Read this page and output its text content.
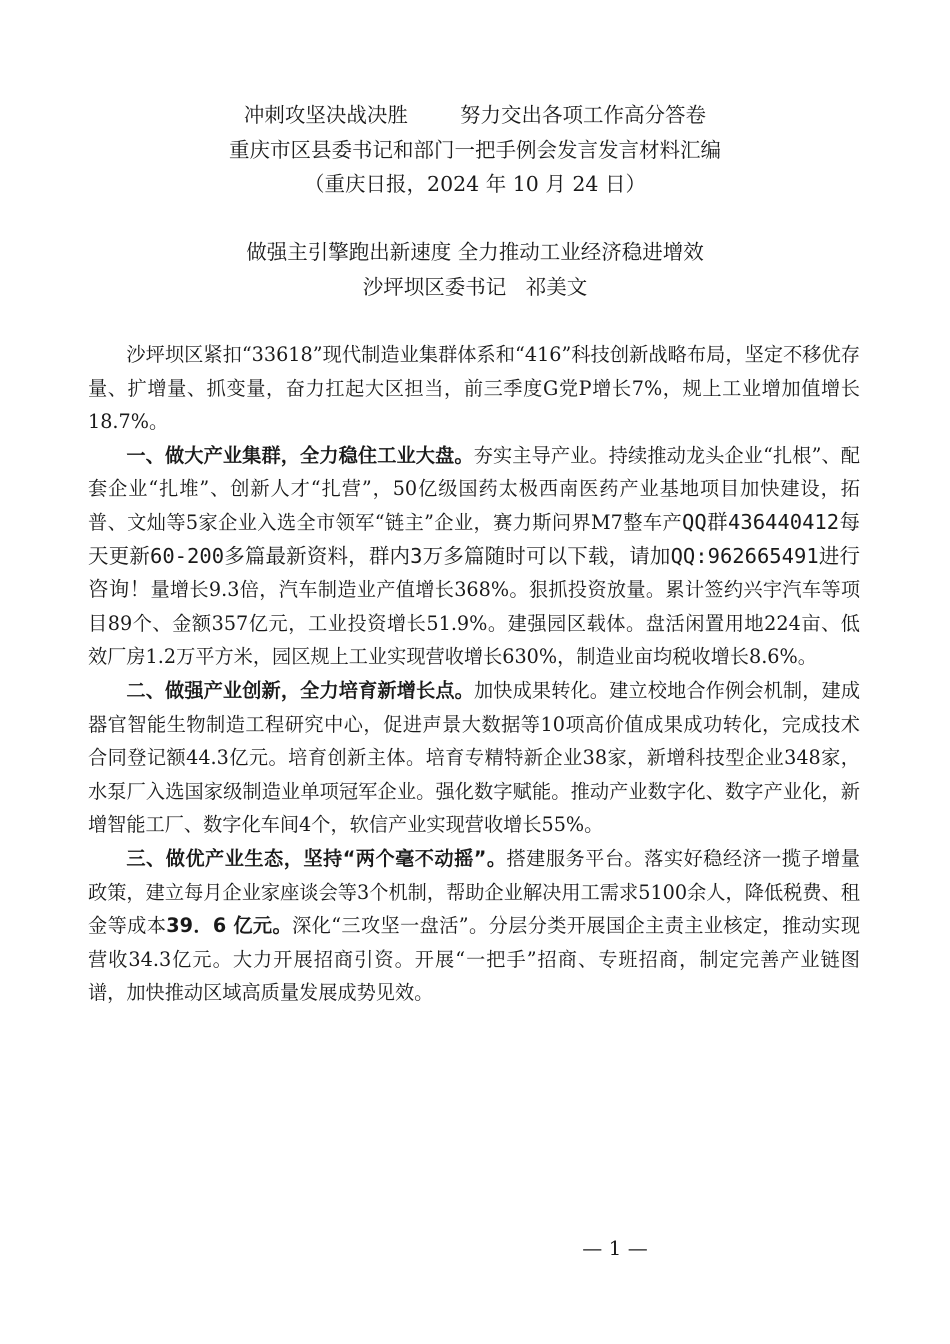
冲刺攻坚决战决胜        努力交出各项工作高分答卷
重庆市区县委书记和部门一把手例会发言发言材料汇编
（重庆日报，2024 年 10 月 24 日）
做强主引擎跑出新速度 全力推动工业经济稳进增效
沙坪坝区委书记   祁美文

沙坪坝区紧扣“33618”现代制造业集群体系和“416”科技创新战略布局，坚定不移优存量、扩增量、抓变量，奋力扛起大区担当，前三季度G党P增长7%，规上工业增加值增长18.7%。

一、做大产业集群，全力稳住工业大盘。夯实主导产业。持续推动龙头企业“扎根”、配套企业“扎堆”、创新人才“扎营”，50亿级国药太极西南医药产业基地项目加快建设，拓普、文灿等5家企业入选全市领军“链主”企业，赛力斯问界M7整车产QQ群436440412每天更新60-200多篇最新资料，群内3万多篇随时可以下载，请加QQ:962665491进行咨询！量增长9.3倍，汽车制造业产值增长368%。狠抓投资放量。累计签约兴宇汽车等项目89个、金额357亿元，工业投资增长51.9%。建强园区载体。盘活闲置用地224亩、低效厂房1.2万平方米，园区规上工业实现营收增长630%，制造业亩均税收增长8.6%。

二、做强产业创新，全力培育新增长点。加快成果转化。建立校地合作例会机制，建成器官智能生物制造工程研究中心，促进声景大数据等10项高价值成果成功转化，完成技术合同登记额44.3亿元。培育创新主体。培育专精特新企业38家，新增科技型企业348家，水泵厂入选国家级制造业单项冠军企业。强化数字赋能。推动产业数字化、数字产业化，新增智能工厂、数字化车间4个，软信产业实现营收增长55%。

三、做优产业生态，坚持“两个毫不动摇”。搭建服务平台。落实好稳经济一揽子增量政策，建立每月企业家座谈会等3个机制，帮助企业解决用工需求5100余人，降低税费、租金等成本39．6 亿元。深化“三攻坚一盘活”。分层分类开展国企主责主业核定，推动实现营收34.3亿元。大力开展招商引资。开展“一把手”招商、专班招商，制定完善产业链图谱，加快推动区域高质量发展成势见效。

— 1 —
